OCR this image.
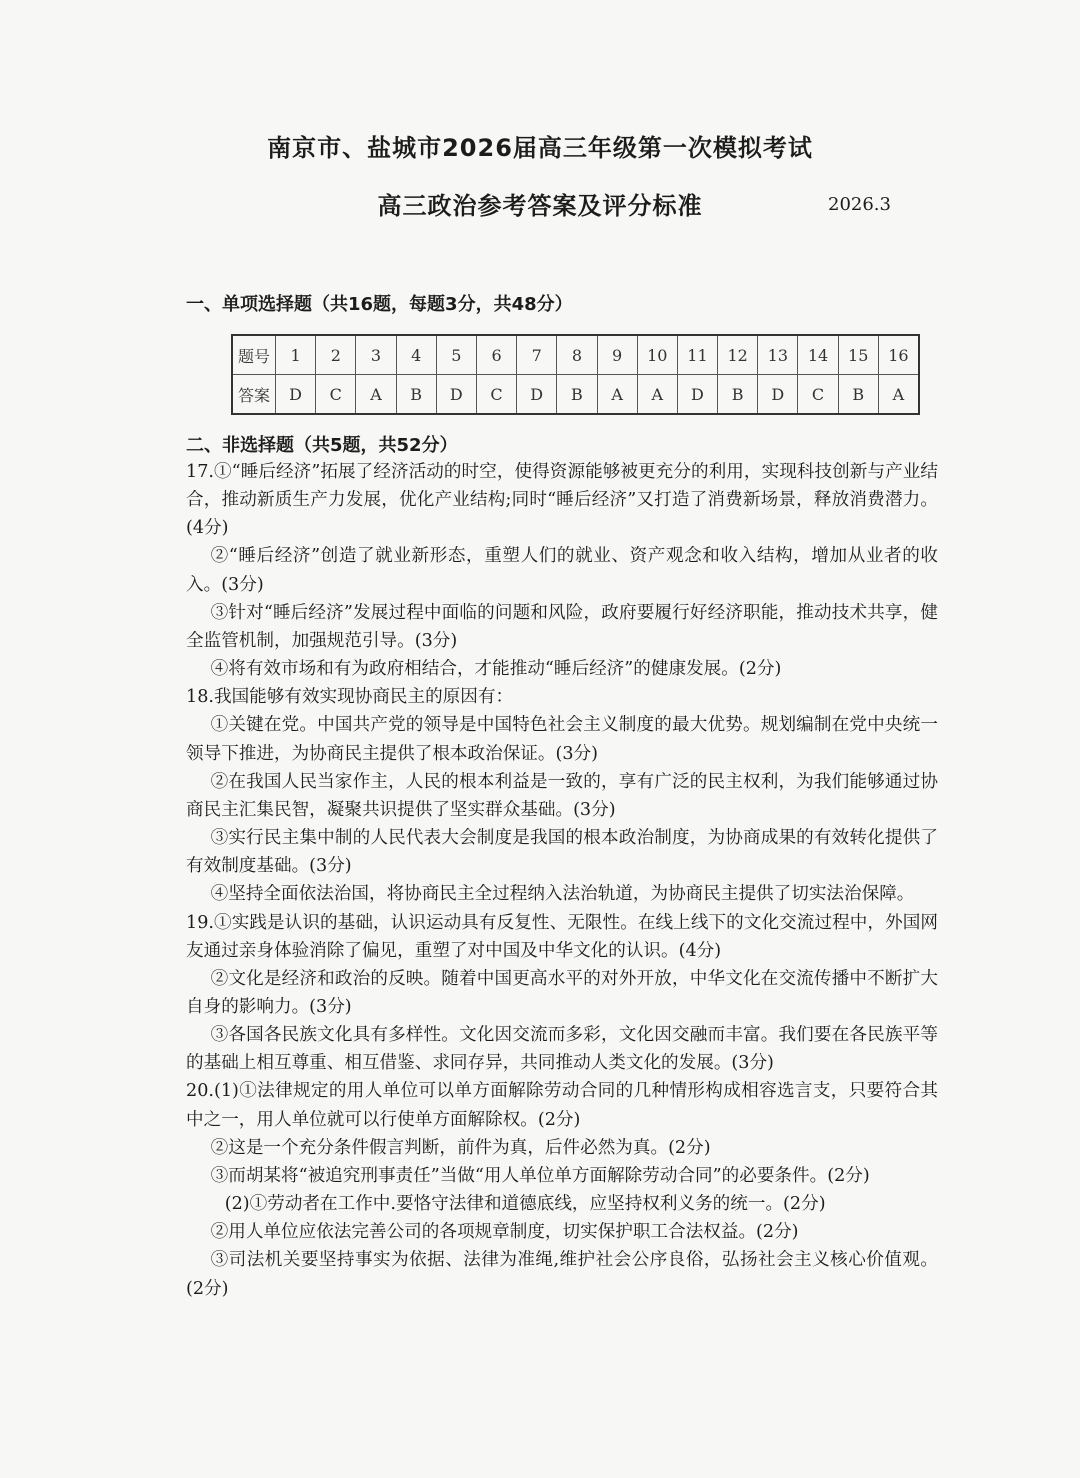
南京市、盐城市2026届高三年级第一次模拟考试
高三政治参考答案及评分标准	2026.3
一、单项选择题（共16题，每题3分，共48分）
题号	1	2	3	4	5	6	7	8	9	10	11	12	13	14	15	16
答案	D	C	A	B	D	C	D	B	A	A	D	B	D	C	B	A
二、非选择题（共5题，共52分）

17.①“睡后经济”拓展了经济活动的时空，使得资源能够被更充分的利用，实现科技创新与产业结合，推动新质生产力发展，优化产业结构;同时“睡后经济”又打造了消费新场景，释放消费潜力。(4分)

②“睡后经济”创造了就业新形态，重塑人们的就业、资产观念和收入结构，增加从业者的收入。(3分)

③针对“睡后经济”发展过程中面临的问题和风险，政府要履行好经济职能，推动技术共享，健全监管机制，加强规范引导。(3分)

④将有效市场和有为政府相结合，才能推动“睡后经济”的健康发展。(2分)

18.我国能够有效实现协商民主的原因有：

①关键在党。中国共产党的领导是中国特色社会主义制度的最大优势。规划编制在党中央统一领导下推进，为协商民主提供了根本政治保证。(3分)

②在我国人民当家作主，人民的根本利益是一致的，享有广泛的民主权利，为我们能够通过协商民主汇集民智，凝聚共识提供了坚实群众基础。(3分)

③实行民主集中制的人民代表大会制度是我国的根本政治制度，为协商成果的有效转化提供了有效制度基础。(3分)

④坚持全面依法治国，将协商民主全过程纳入法治轨道，为协商民主提供了切实法治保障。

19.①实践是认识的基础，认识运动具有反复性、无限性。在线上线下的文化交流过程中，外国网友通过亲身体验消除了偏见，重塑了对中国及中华文化的认识。(4分)

②文化是经济和政治的反映。随着中国更高水平的对外开放，中华文化在交流传播中不断扩大自身的影响力。(3分)

③各国各民族文化具有多样性。文化因交流而多彩，文化因交融而丰富。我们要在各民族平等的基础上相互尊重、相互借鉴、求同存异，共同推动人类文化的发展。(3分)

20.(1)①法律规定的用人单位可以单方面解除劳动合同的几种情形构成相容选言支，只要符合其中之一，用人单位就可以行使单方面解除权。(2分)

②这是一个充分条件假言判断，前件为真，后件必然为真。(2分)

③而胡某将“被追究刑事责任”当做“用人单位单方面解除劳动合同”的必要条件。(2分)

(2)①劳动者在工作中.要恪守法律和道德底线，应坚持权利义务的统一。(2分)

②用人单位应依法完善公司的各项规章制度，切实保护职工合法权益。(2分)

③司法机关要坚持事实为依据、法律为准绳,维护社会公序良俗，弘扬社会主义核心价值观。(2分)
